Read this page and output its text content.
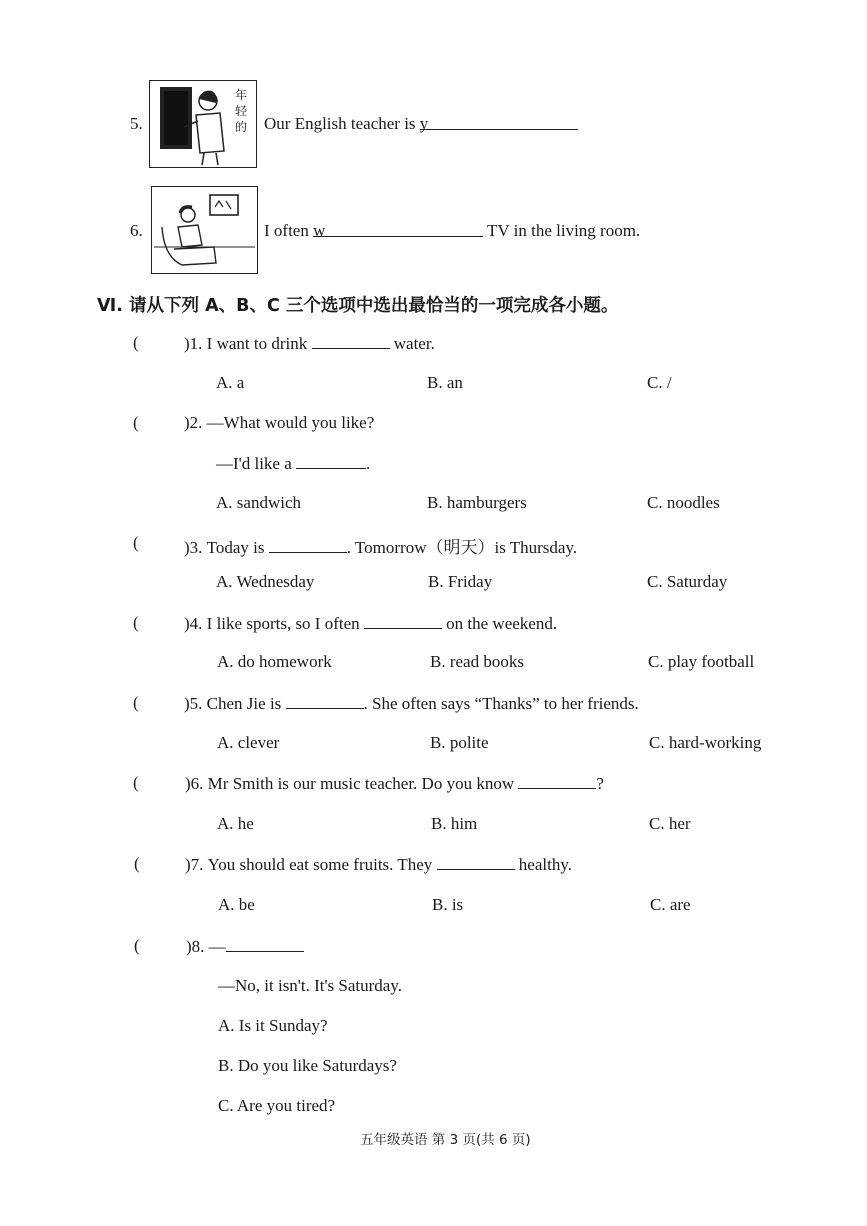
5.
年轻的 Our English teacher is y
6.	I often w	TV in the living room.
Ⅵ. 请从下列 A、B、C 三个选项中选出最恰当的一项完成各小题。
(	)1. I want to drink	water.
A. a	B. an	C. /
(	)2. —What would you like?
—I'd like a	.
A. sandwich	B. hamburgers	C. noodles
(	)3. Today is	. Tomorrow（明天）is Thursday.
A. Wednesday	B. Friday	C. Saturday
(	)4. I like sports, so I often	on the weekend.
A. do homework	B. read books	C. play football
(	)5. Chen Jie is	. She often says “Thanks” to her friends.
A. clever	B. polite	C. hard-working
(	)6. Mr Smith is our music teacher. Do you know	?
A. he	B. him	C. her
(	)7. You should eat some fruits. They	healthy.
A. be	B. is	C. are
(	)8. —
—No, it isn't. It's Saturday.
A. Is it Sunday?
B. Do you like Saturdays?
C. Are you tired?
五年级英语 第 3 页(共 6 页)
